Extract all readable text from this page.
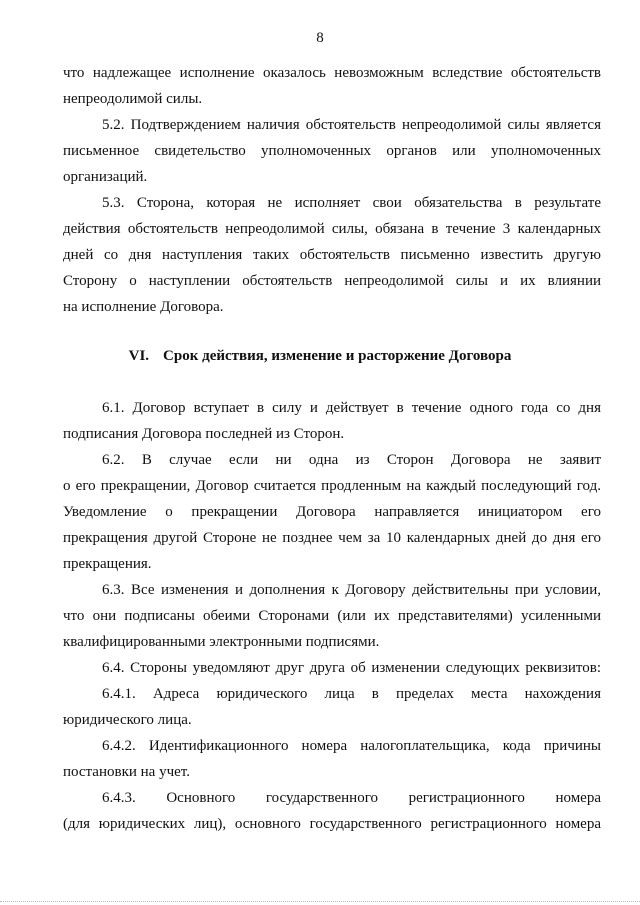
8
что надлежащее исполнение оказалось невозможным вследствие обстоятельств
непреодолимой силы.
5.2. Подтверждением наличия обстоятельств непреодолимой силы является
письменное свидетельство уполномоченных органов или уполномоченных
организаций.
5.3. Сторона, которая не исполняет свои обязательства в результате
действия обстоятельств непреодолимой силы, обязана в течение 3 календарных
дней со дня наступления таких обстоятельств письменно известить другую
Сторону о наступлении обстоятельств непреодолимой силы и их влиянии
на исполнение Договора.
VI. Срок действия, изменение и расторжение Договора
6.1. Договор вступает в силу и действует в течение одного года со дня
подписания Договора последней из Сторон.
6.2. В случае если ни одна из Сторон Договора не заявит
о его прекращении, Договор считается продленным на каждый последующий год.
Уведомление о прекращении Договора направляется инициатором его
прекращения другой Стороне не позднее чем за 10 календарных дней до дня его
прекращения.
6.3. Все изменения и дополнения к Договору действительны при условии,
что они подписаны обеими Сторонами (или их представителями) усиленными
квалифицированными электронными подписями.
6.4. Стороны уведомляют друг друга об изменении следующих реквизитов:
6.4.1. Адреса юридического лица в пределах места нахождения
юридического лица.
6.4.2. Идентификационного номера налогоплательщика, кода причины
постановки на учет.
6.4.3. Основного государственного регистрационного номера
(для юридических лиц), основного государственного регистрационного номера
